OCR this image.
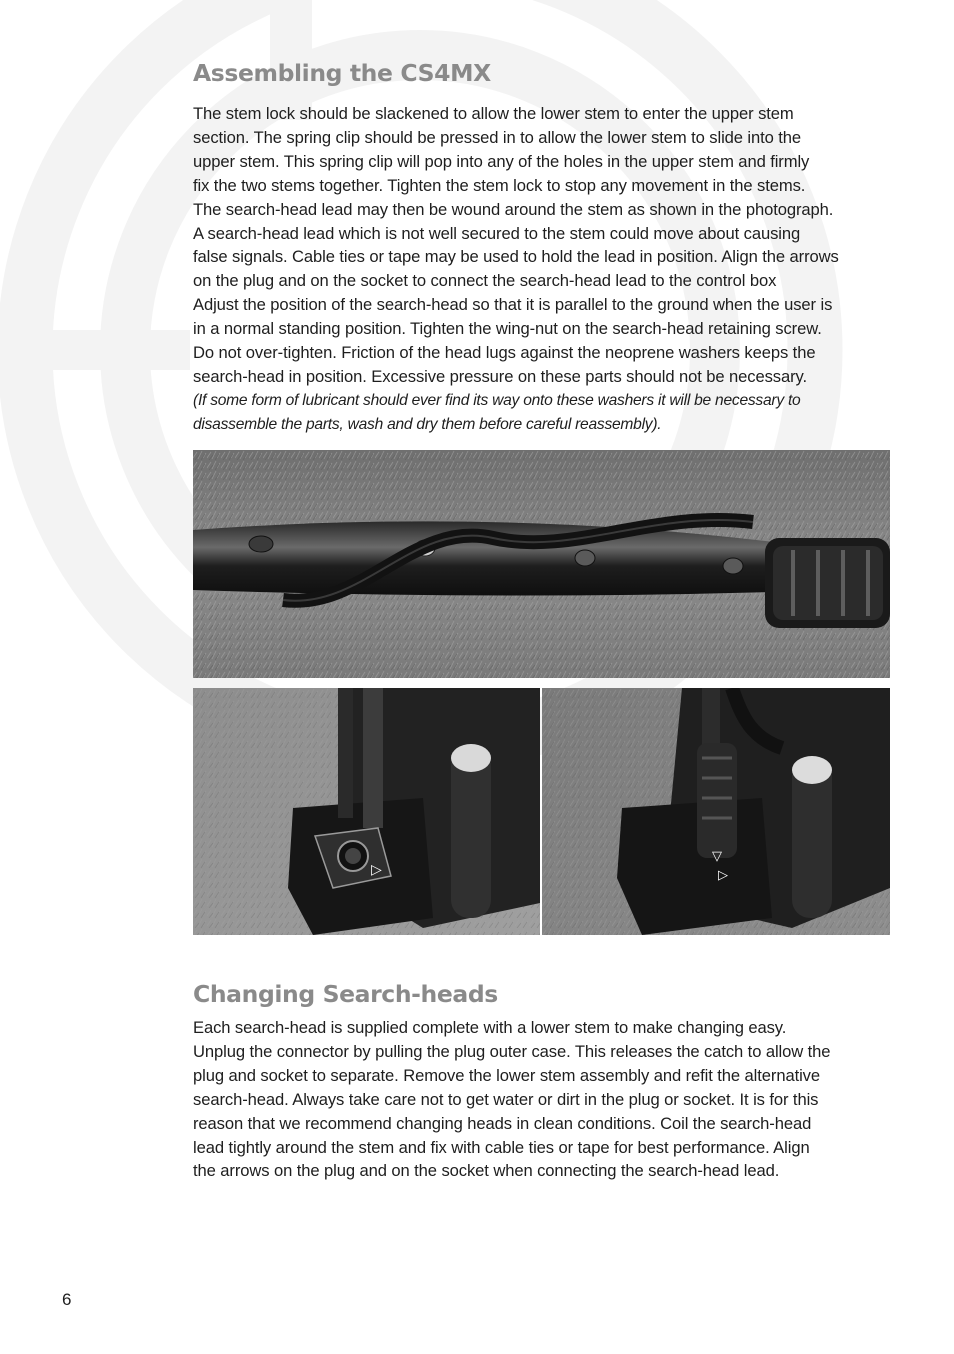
Assembling the CS4MX

The stem lock should be slackened to allow the lower stem to enter the upper stem
section. The spring clip should be pressed in to allow the lower stem to slide into the
upper stem. This spring clip will pop into any of the holes in the upper stem and firmly
fix the two stems together. Tighten the stem lock to stop any movement in the stems.
The search-head lead may then be wound around the stem as shown in the photograph.
A search-head lead which is not well secured to the stem could move about causing
false signals. Cable ties or tape may be used to hold the lead in position. Align the arrows
on the plug and on the socket to connect the search-head lead to the control box
Adjust the position of the search-head so that it is parallel to the ground when the user is
in a normal standing position. Tighten the wing-nut on the search-head retaining screw.
Do not over-tighten. Friction of the head lugs against the neoprene washers keeps the
search-head in position. Excessive pressure on these parts should not be necessary.
(If some form of lubricant should ever find its way onto these washers it will be necessary to
disassemble the parts, wash and dry them before careful reassembly).

▷
▽
▷
Changing Search-heads

Each search-head is supplied complete with a lower stem to make changing easy.
Unplug the connector by pulling the plug outer case. This releases the catch to allow the
plug and socket to separate. Remove the lower stem assembly and refit the alternative
search-head. Always take care not to get water or dirt in the plug or socket. It is for this
reason that we recommend changing heads in clean conditions. Coil the search-head
lead tightly around the stem and fix with cable ties or tape for best performance. Align
the arrows on the plug and on the socket when connecting the search-head lead.

6
